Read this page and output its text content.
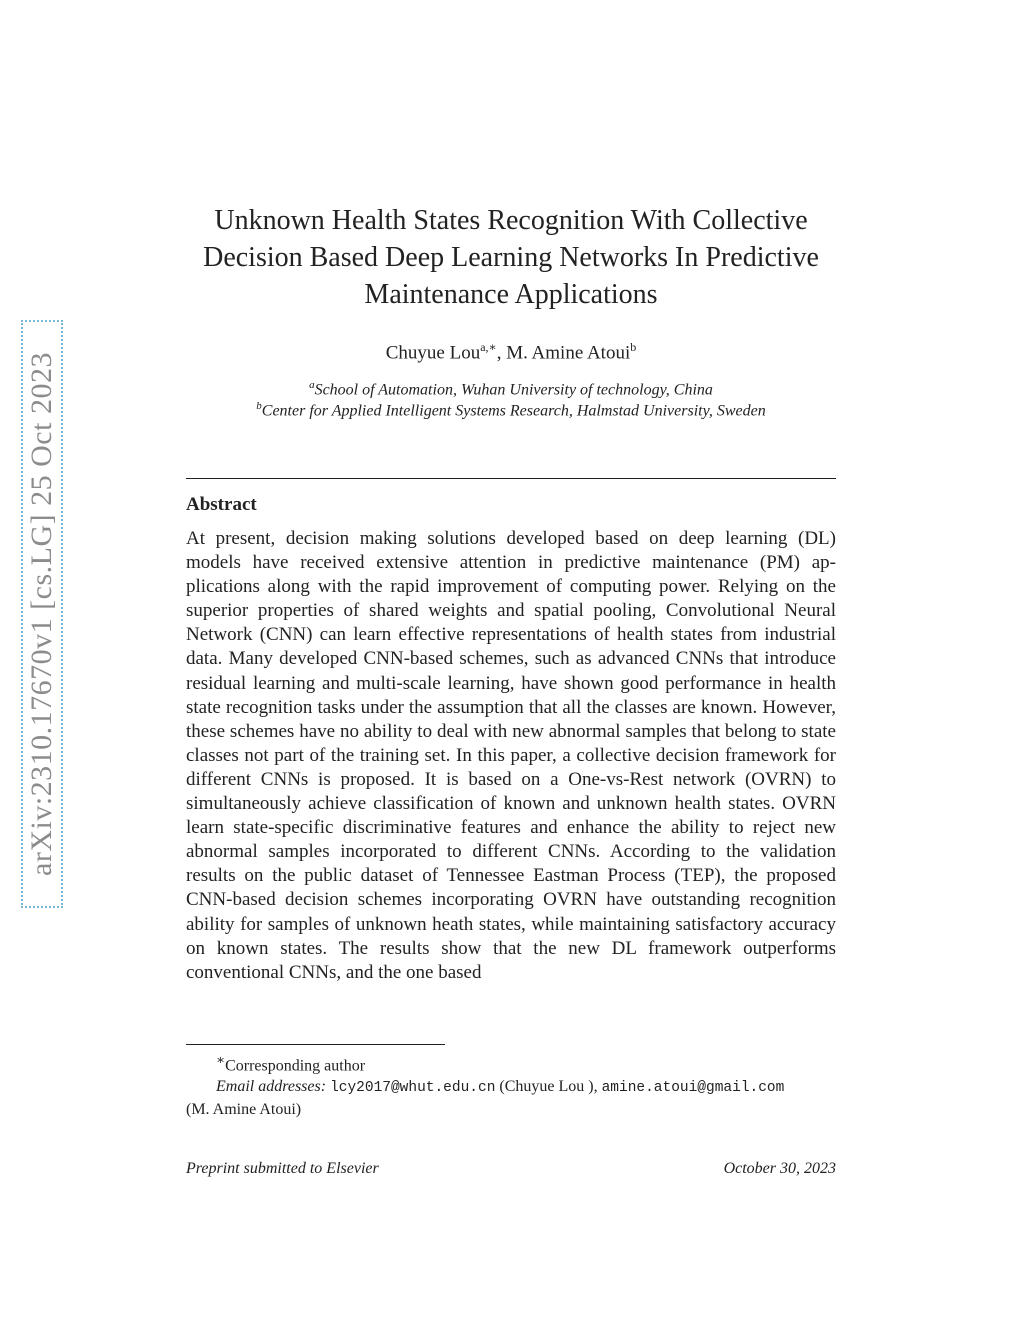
arXiv:2310.17670v1 [cs.LG] 25 Oct 2023
Unknown Health States Recognition With Collective
Decision Based Deep Learning Networks In Predictive
Maintenance Applications
Chuyue Lou$^{a,∗}$, M. Amine Atoui$^b$
$^a$School of Automation, Wuhan University of technology, China
$^b$Center for Applied Intelligent Systems Research, Halmstad University, Sweden
Abstract
At present, decision making solutions developed based on deep learning (DL) models have received extensive attention in predictive maintenance (PM) applications along with the rapid improvement of computing power. Relying on the superior properties of shared weights and spatial pooling, Convolutional Neural Network (CNN) can learn effective representations of health states from industrial data. Many developed CNN-based schemes, such as advanced CNNs that introduce residual learning and multi-scale learning, have shown good performance in health state recognition tasks under the assumption that all the classes are known. However, these schemes have no ability to deal with new abnormal samples that belong to state classes not part of the training set. In this paper, a collective decision framework for different CNNs is proposed. It is based on a One-vs-Rest network (OVRN) to simultaneously achieve classification of known and unknown health states. OVRN learn state-specific discriminative features and enhance the ability to reject new abnormal samples incorporated to different CNNs. According to the validation results on the public dataset of Tennessee Eastman Process (TEP), the proposed CNN-based decision schemes incorporating OVRN have outstanding recognition ability for samples of unknown heath states, while maintaining satisfactory accuracy on known states. The results show that the new DL framework outperforms conventional CNNs, and the one based
∗Corresponding author
Email addresses: lcy2017@whut.edu.cn (Chuyue Lou ), amine.atoui@gmail.com
(M. Amine Atoui)
Preprint submitted to Elsevier	October 30, 2023
